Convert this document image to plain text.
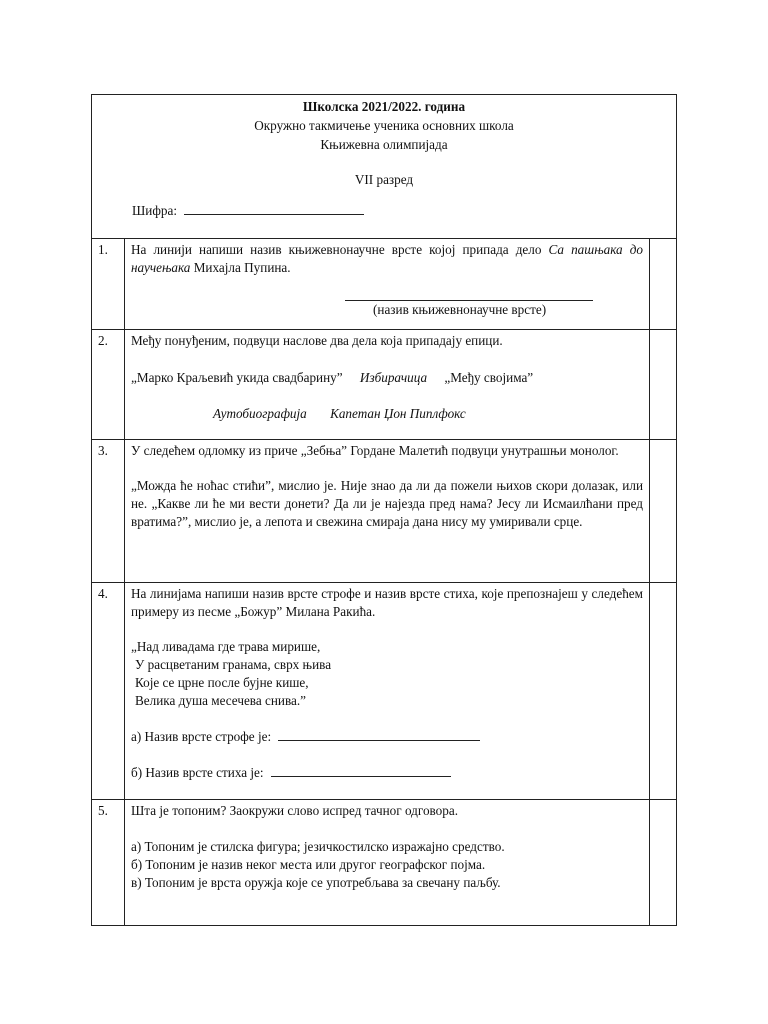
Школска 2021/2022. година
Окружно такмичење ученика основних школа
Књижевна олимпијада
VII разред
Шифра:
1.	На линији напиши назив књижевнонаучне врсте којој припада дело Са пашњака до научењака Михајла Пупина.

(назив књижевнонаучне врсте)
2.	Међу понуђеним, подвуци наслове два дела која припадају епици.

„Марко Краљевић укида свадбарину” Избирачица „Међу својима”
Аутобиографија Капетан Џон Пиплфокс
3.	У следећем одломку из приче „Зебња” Гордане Малетић подвуци унутрашњи монолог.

„Можда ће ноћас стићи”, мислио је. Није знао да ли да пожели њихов скори долазак, или не. „Какве ли ће ми вести донети? Да ли је најезда пред нама? Јесу ли Исмаилћани пред вратима?”, мислио је, а лепота и свежина смираја дана нису му умиривали срце.

4.	На линијама напиши назив врсте строфе и назив врсте стиха, које препознајеш у следећем примеру из песме „Божур” Милана Ракића.

„Над ливадама где трава мирише,
У расцветаним гранама, сврх њива
Које се црне после бујне кише,
Велика душа месечева снива.”
а) Назив врсте строфе је:
б) Назив врсте стиха је:
5.	Шта је топоним? Заокружи слово испред тачног одговора.

а) Топоним је стилска фигура; језичкостилско изражајно средство.
б) Топоним је назив неког места или другог географског појма.
в) Топоним је врста оружја које се употребљава за свечану паљбу.
